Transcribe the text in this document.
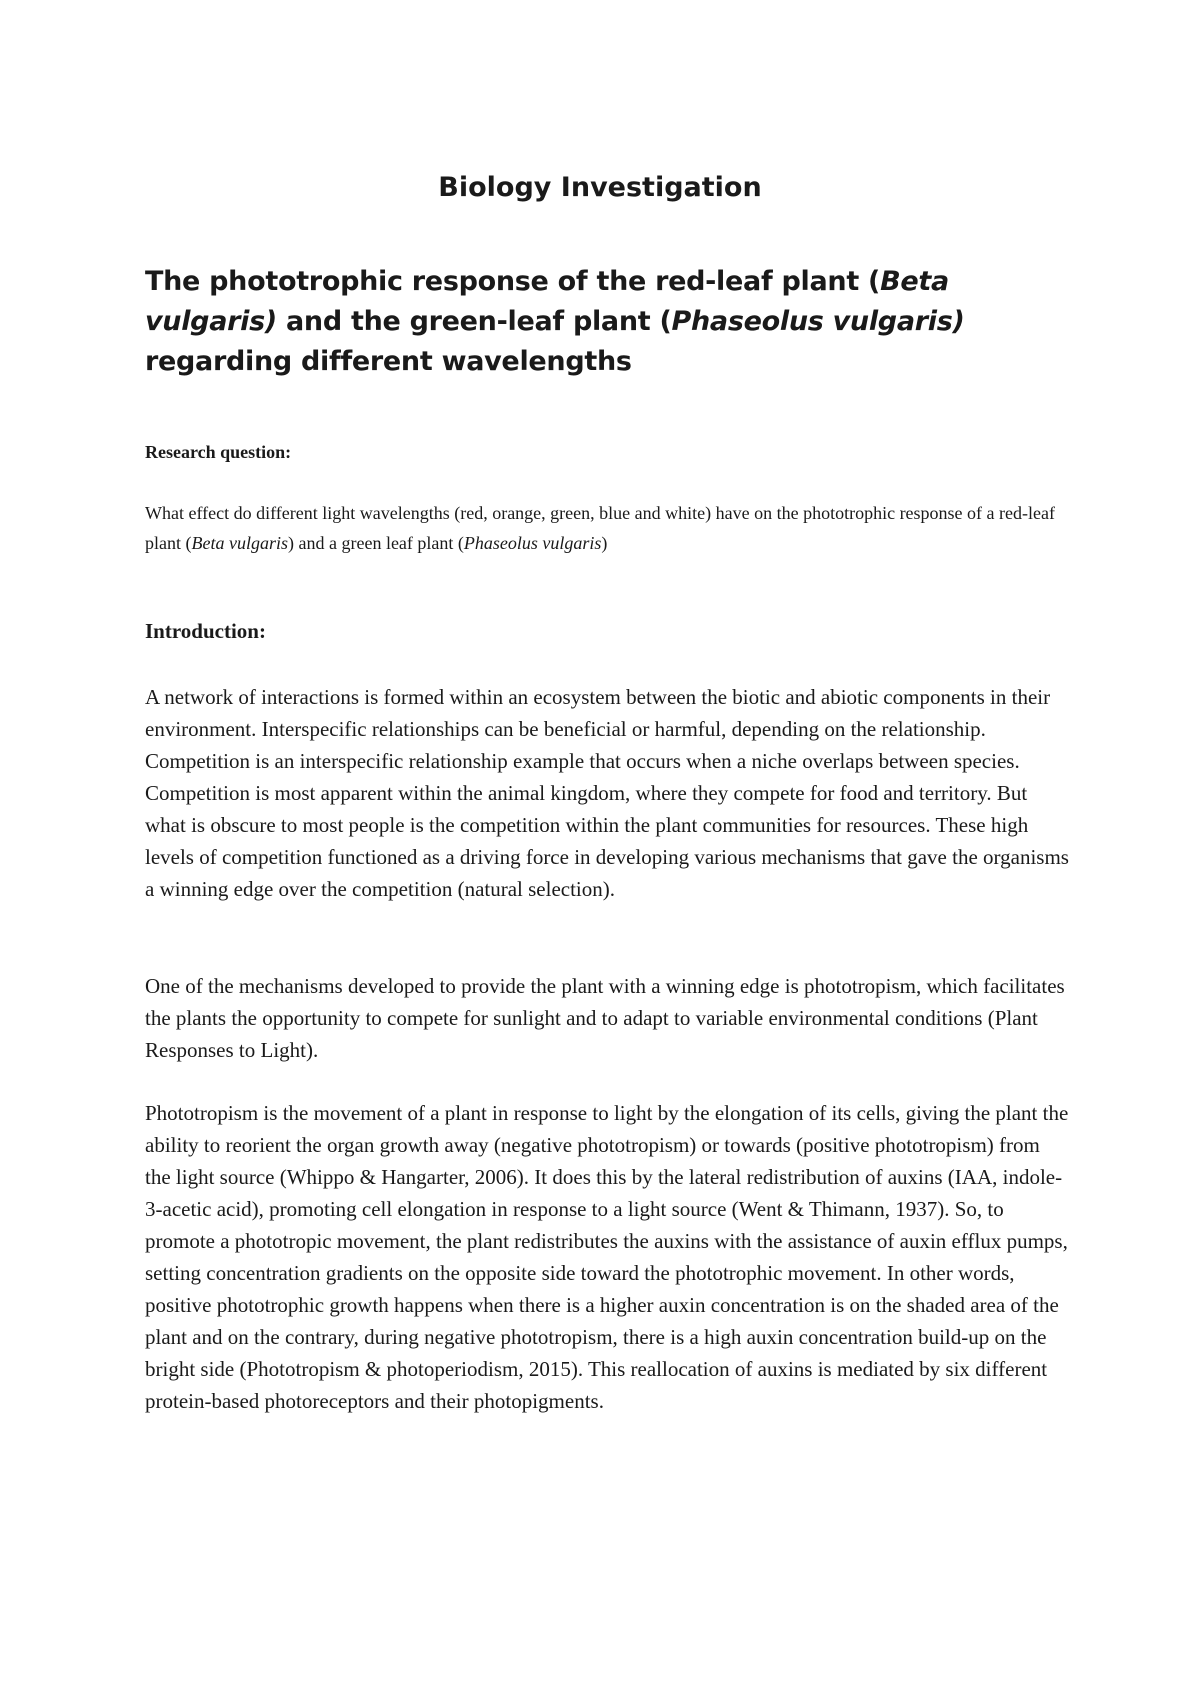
Biology Investigation
The phototrophic response of the red-leaf plant (Beta vulgaris) and the green-leaf plant (Phaseolus vulgaris) regarding different wavelengths
Research question:

What effect do different light wavelengths (red, orange, green, blue and white) have on the phototrophic response of a red-leaf plant (Beta vulgaris) and a green leaf plant (Phaseolus vulgaris)

Introduction:

A network of interactions is formed within an ecosystem between the biotic and abiotic components in their environment. Interspecific relationships can be beneficial or harmful, depending on the relationship. Competition is an interspecific relationship example that occurs when a niche overlaps between species. Competition is most apparent within the animal kingdom, where they compete for food and territory. But what is obscure to most people is the competition within the plant communities for resources. These high levels of competition functioned as a driving force in developing various mechanisms that gave the organisms a winning edge over the competition (natural selection).

One of the mechanisms developed to provide the plant with a winning edge is phototropism, which facilitates the plants the opportunity to compete for sunlight and to adapt to variable environmental conditions (Plant Responses to Light).

Phototropism is the movement of a plant in response to light by the elongation of its cells, giving the plant the ability to reorient the organ growth away (negative phototropism) or towards (positive phototropism) from the light source (Whippo & Hangarter, 2006). It does this by the lateral redistribution of auxins (IAA, indole-3-acetic acid), promoting cell elongation in response to a light source (Went & Thimann, 1937). So, to promote a phototropic movement, the plant redistributes the auxins with the assistance of auxin efflux pumps, setting concentration gradients on the opposite side toward the phototrophic movement. In other words, positive phototrophic growth happens when there is a higher auxin concentration is on the shaded area of the plant and on the contrary, during negative phototropism, there is a high auxin concentration build-up on the bright side (Phototropism & photoperiodism, 2015). This reallocation of auxins is mediated by six different protein-based photoreceptors and their photopigments.
